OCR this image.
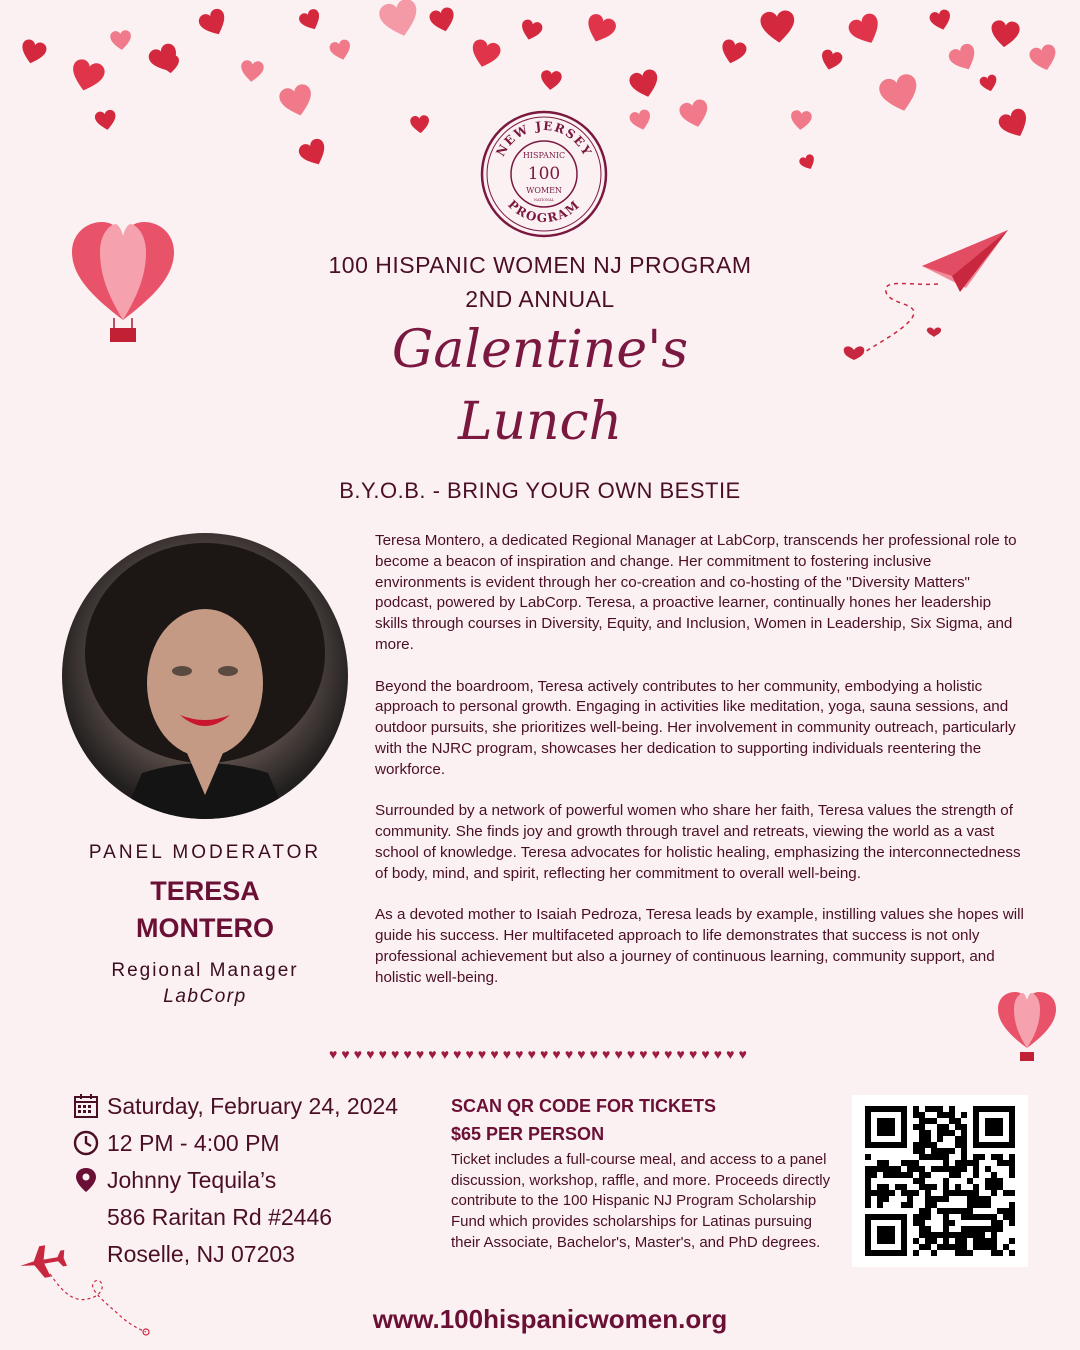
NEW JERSEY
PROGRAM
HISPANIC
100
WOMEN
NATIONAL
100 HISPANIC WOMEN NJ PROGRAM
2ND ANNUAL
Galentine's
Lunch
B.Y.O.B. - BRING YOUR OWN BESTIE
PANEL MODERATOR
TERESA
MONTERO
Regional Manager
LabCorp

Teresa Montero, a dedicated Regional Manager at LabCorp, transcends her professional role to become a beacon of inspiration and change. Her commitment to fostering inclusive environments is evident through her co-creation and co-hosting of the "Diversity Matters" podcast, powered by LabCorp. Teresa, a proactive learner, continually hones her leadership skills through courses in Diversity, Equity, and Inclusion, Women in Leadership, Six Sigma, and more.

Beyond the boardroom, Teresa actively contributes to her community, embodying a holistic approach to personal growth. Engaging in activities like meditation, yoga, sauna sessions, and outdoor pursuits, she prioritizes well-being. Her involvement in community outreach, particularly with the NJRC program, showcases her dedication to supporting individuals reentering the workforce.

Surrounded by a network of powerful women who share her faith, Teresa values the strength of community. She finds joy and growth through travel and retreats, viewing the world as a vast school of knowledge. Teresa advocates for holistic healing, emphasizing the interconnectedness of body, mind, and spirit, reflecting her commitment to overall well-being.

As a devoted mother to Isaiah Pedroza, Teresa leads by example, instilling values she hopes will guide his success. Her multifaceted approach to life demonstrates that success is not only professional achievement but also a journey of continuous learning, community support, and holistic well-being.

♥♥♥♥♥♥♥♥♥♥♥♥♥♥♥♥♥♥♥♥♥♥♥♥♥♥♥♥♥♥♥♥♥♥
Saturday, February 24, 2024
12 PM - 4:00 PM
Johnny Tequila’s
586 Raritan Rd #2446
Roselle, NJ 07203
SCAN QR CODE FOR TICKETS
$65 PER PERSON
Ticket includes a full-course meal, and access to a panel discussion, workshop, raffle, and more. Proceeds directly contribute to the 100 Hispanic NJ Program Scholarship Fund which provides scholarships for Latinas pursuing their Associate, Bachelor's, Master's, and PhD degrees.
www.100hispanicwomen.org
